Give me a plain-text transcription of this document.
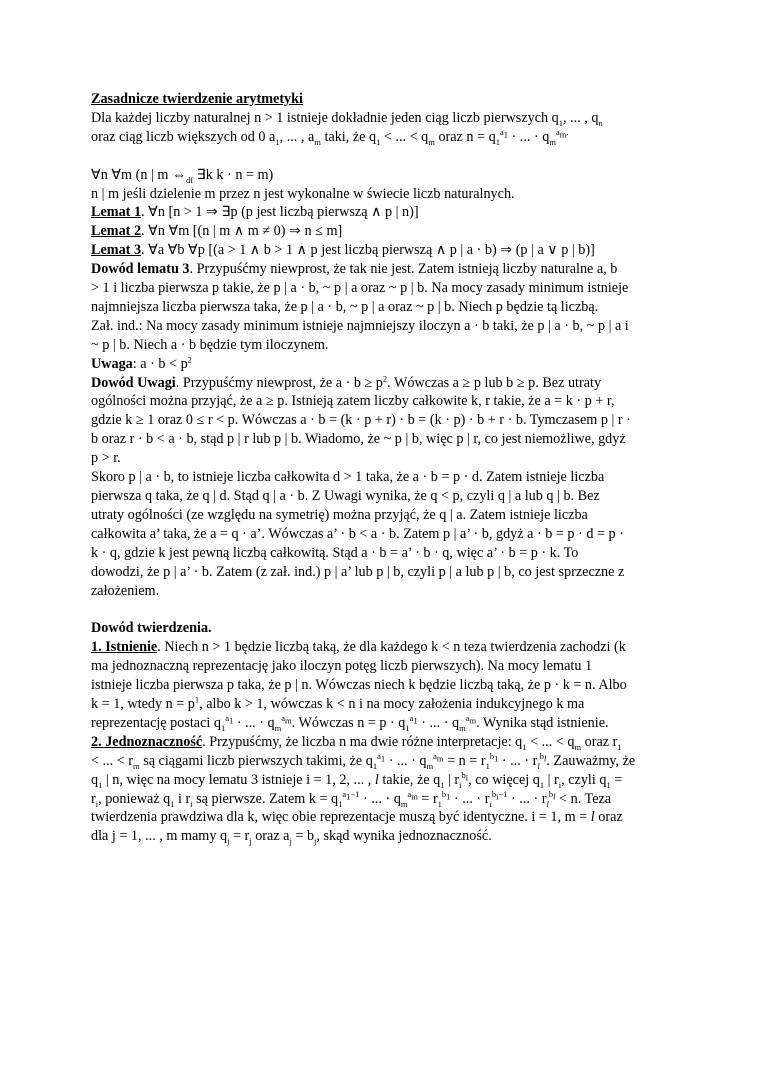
Zasadnicze twierdzenie arytmetyki

Dla każdej liczby naturalnej n > 1 istnieje dokładnie jeden ciąg liczb pierwszych $q_1$, ... , $q_n$
oraz ciąg liczb większych od 0 $a_1$, ... , $a_m$ taki, że $q_1$ < ... < $q_m$ oraz $n = q_1^{a_1}$ · ... · $q_m^{a_m.}$
∀n ∀m (n | m $\Leftrightarrow_{df}$ ∃k k · n = m)
n | m jeśli dzielenie m przez n jest wykonalne w świecie liczb naturalnych.
Lemat 1. ∀n [n > 1 ⇒ ∃p (p jest liczbą pierwszą ∧ p | n)]
Lemat 2. ∀n ∀m [(n | m ∧ m ≠ 0) ⇒ n ≤ m]
Lemat 3. ∀a ∀b ∀p [(a > 1 ∧ b > 1 ∧ p jest liczbą pierwszą ∧ p | a · b) ⇒ (p | a ∨ p | b)]
Dowód lematu 3. Przypuśćmy niewprost, że tak nie jest. Zatem istnieją liczby naturalne a, b
> 1 i liczba pierwsza p takie, że p | a · b, ~ p | a oraz ~ p | b. Na mocy zasady minimum istnieje
najmniejsza liczba pierwsza taka, że p | a · b, ~ p | a oraz ~ p | b. Niech p będzie tą liczbą.
Zał. ind.: Na mocy zasady minimum istnieje najmniejszy iloczyn a · b taki, że p | a · b, ~ p | a i
~ p | b. Niech a · b będzie tym iloczynem.
Uwaga: $a \cdot b < p^2$
Dowód Uwagi. Przypuśćmy niewprost, że $a \cdot b \ge p^2$. Wówczas a ≥ p lub b ≥ p. Bez utraty
ogólności można przyjąć, że a ≥ p. Istnieją zatem liczby całkowite k, r takie, że a = k · p + r,
gdzie k ≥ 1 oraz 0 ≤ r < p. Wówczas a · b = (k · p + r) · b = (k · p) · b + r · b. Tymczasem p | r ·
b oraz r · b < a · b, stąd p | r lub p | b. Wiadomo, że ~ p | b, więc p | r, co jest niemożliwe, gdyż
p > r.
Skoro p | a · b, to istnieje liczba całkowita d > 1 taka, że a · b = p · d. Zatem istnieje liczba
pierwsza q taka, że q | d. Stąd q | a · b. Z Uwagi wynika, że q < p, czyli q | a lub q | b. Bez
utraty ogólności (ze względu na symetrię) można przyjąć, że q | a. Zatem istnieje liczba
całkowita a’ taka, że a = q · a’. Wówczas a’ · b < a · b. Zatem p | a’ · b, gdyż a · b = p · d = p ·
k · q, gdzie k jest pewną liczbą całkowitą. Stąd a · b = a’ · b · q, więc a’ · b = p · k. To
dowodzi, że p | a’ · b. Zatem (z zał. ind.) p | a’ lub p | b, czyli p | a lub p | b, co jest sprzeczne z
założeniem.
Dowód twierdzenia.
1. Istnienie. Niech n > 1 będzie liczbą taką, że dla każdego k < n teza twierdzenia zachodzi (k
ma jednoznaczną reprezentację jako iloczyn potęg liczb pierwszych). Na mocy lematu 1
istnieje liczba pierwsza p taka, że p | n. Wówczas niech k będzie liczbą taką, że p · k = n. Albo
k = 1, wtedy $n = p^1$, albo k > 1, wówczas k < n i na mocy założenia indukcyjnego k ma
reprezentację postaci $q_1^{a_1}$ · ... · $q_m^{a_m}$. Wówczas $n = p \cdot q_1^{a_1}$ · ... · $q_m^{a_m}$. Wynika stąd istnienie.
2. Jednoznaczność. Przypuśćmy, że liczba n ma dwie różne interpretacje: $q_1$ < ... < $q_m$ oraz $r_1$
< ... < $r_m$ są ciągami liczb pierwszych takimi, że $q_1^{a_1}$ · ... · $q_m^{a_m} = n = r_1^{b_1}$ · ... · $r_l^{b_l}$. Zauważmy, że
$q_1$ | n, więc na mocy lematu 3 istnieje i = 1, 2, ... , l takie, że $q_1$ | $r_i^{b_i}$, co więcej $q_1$ | $r_i$, czyli $q_1$ =
$r_i$, ponieważ $q_1$ i $r_i$ są pierwsze. Zatem $k = q_1^{a_1-1}$ · ... · $q_m^{a_m} = r_1^{b_1}$ · ... · $r_i^{b_i-1}$ · ... · $r_l^{b_l} < n$. Teza
twierdzenia prawdziwa dla k, więc obie reprezentacje muszą być identyczne. i = 1, m = l oraz
dla j = 1, ... , m mamy $q_j = r_j$ oraz $a_j = b_j$, skąd wynika jednoznaczność.
